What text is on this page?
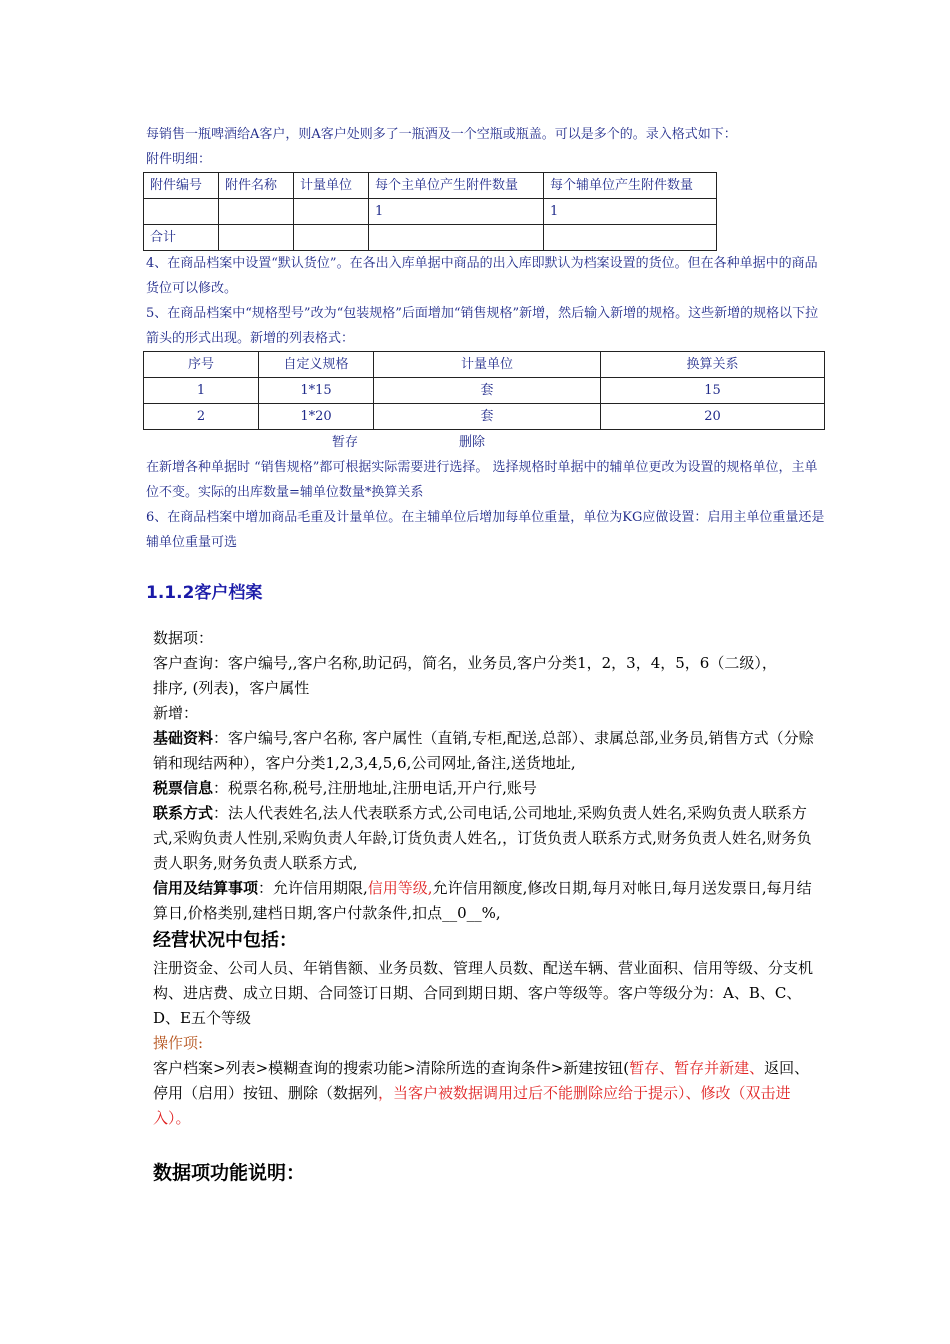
每销售一瓶啤酒给A客户，则A客户处则多了一瓶酒及一个空瓶或瓶盖。可以是多个的。录入格式如下：

附件明细：

附件编号	附件名称	计量单位	每个主单位产生附件数量	每个辅单位产生附件数量
			1	1
合计				

4、在商品档案中设置“默认货位”。在各出入库单据中商品的出入库即默认为档案设置的货位。但在各种单据中的商品货位可以修改。

5、在商品档案中“规格型号”改为“包装规格”后面增加“销售规格”新增，然后输入新增的规格。这些新增的规格以下拉箭头的形式出现。新增的列表格式：

序号	自定义规格	计量单位	换算关系
1	1*15	套	15
2	1*20	套	20
暂存	删除

在新增各种单据时 “销售规格”都可根据实际需要进行选择。 选择规格时单据中的辅单位更改为设置的规格单位，主单位不变。实际的出库数量=辅单位数量*换算关系

6、在商品档案中增加商品毛重及计量单位。在主辅单位后增加每单位重量，单位为KG应做设置：启用主单位重量还是辅单位重量可选

1.1.2客户档案

数据项：

客户查询：客户编号,,客户名称,助记码，简名，业务员,客户分类1，2，3，4，5，6（二级），

排序, (列表)，客户属性

新增：

基础资料：客户编号,客户名称, 客户属性（直销,专柜,配送,总部）、隶属总部,业务员,销售方式（分赊销和现结两种），客户分类1,2,3,4,5,6,公司网址,备注,送货地址,

税票信息：税票名称,税号,注册地址,注册电话,开户行,账号

联系方式：法人代表姓名,法人代表联系方式,公司电话,公司地址,采购负责人姓名,采购负责人联系方式,采购负责人性别,采购负责人年龄,订货负责人姓名,，订货负责人联系方式,财务负责人姓名,财务负责人职务,财务负责人联系方式,

信用及结算事项：允许信用期限,信用等级,允许信用额度,修改日期,每月对帐日,每月送发票日,每月结算日,价格类别,建档日期,客户付款条件,扣点__0__%,

经营状况中包括：

注册资金、公司人员、年销售额、业务员数、管理人员数、配送车辆、营业面积、信用等级、分支机构、进店费、成立日期、合同签订日期、合同到期日期、客户等级等。客户等级分为：A、B、C、D、E五个等级

操作项:

客户档案>列表>模糊查询的搜索功能>清除所选的查询条件>新建按钮(暂存、暂存并新建、返回、停用（启用）按钮、删除（数据列，当客户被数据调用过后不能删除应给于提示）、修改（双击进入）。

数据项功能说明：
